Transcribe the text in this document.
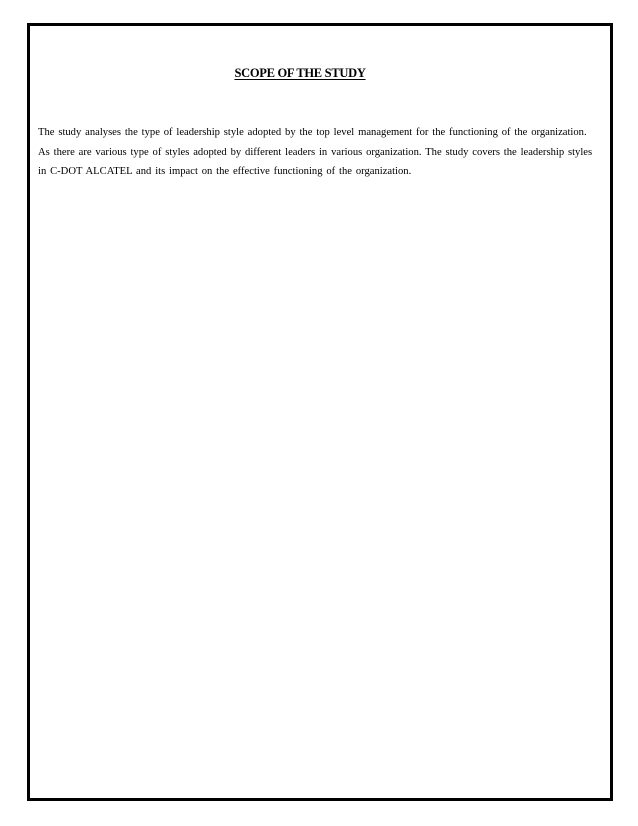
SCOPE OF THE STUDY

The study analyses the type of leadership style adopted by the top level management for the functioning of the organization. As there are various type of styles adopted by different leaders in various organization. The study covers the leadership styles in C-DOT ALCATEL and its impact on the effective functioning of the organization.
